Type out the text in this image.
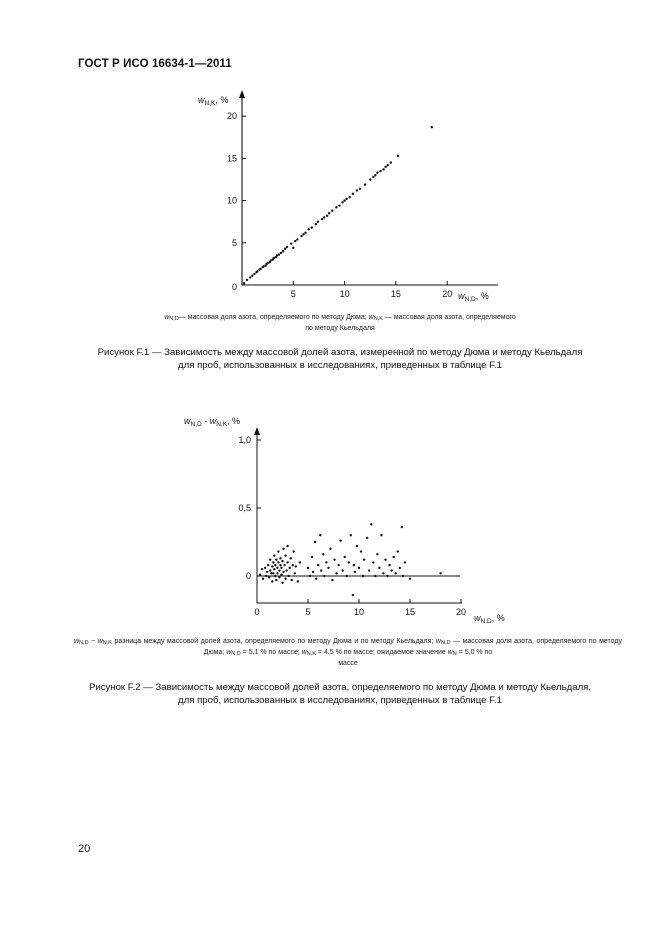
ГОСТ Р ИСО 16634-1—2011
5	10	15	20
5
10
15
20
0
$w_{N,K}$, %
$w_{N,D}$, %
wN,D— массовая доля азота, определяемого по методу Дюма; wN,K — массовая доля азота, определяемого
по методу Кьельдаля
Рисунок F.1 — Зависимость между массовой долей азота, измеренной по методу Дюма и методу Кьельдаля
для проб, использованных в исследованиях, приведенных в таблице F.1
0	5	10	15	20
0
0,5
1,0
$w_{N,D} - w_{N,K}$, %
$w_{N,D}$, %
wN,D − wN,K разница между массовой долей азота, определяемого по методу Дюма и по методу Кьельдаля; wN,D — массовая доля азота, определяемого по методу Дюма; wN,D = 5,1 % по массе; wN,K = 4,5 % по массе; ожидаемое значение wN = 5,0 % по
массе
Рисунок F.2 — Зависимость между массовой долей азота, определяемого по методу Дюма и методу Кьельдаля,
для проб, использованных в исследованиях, приведенных в таблице F.1
20
